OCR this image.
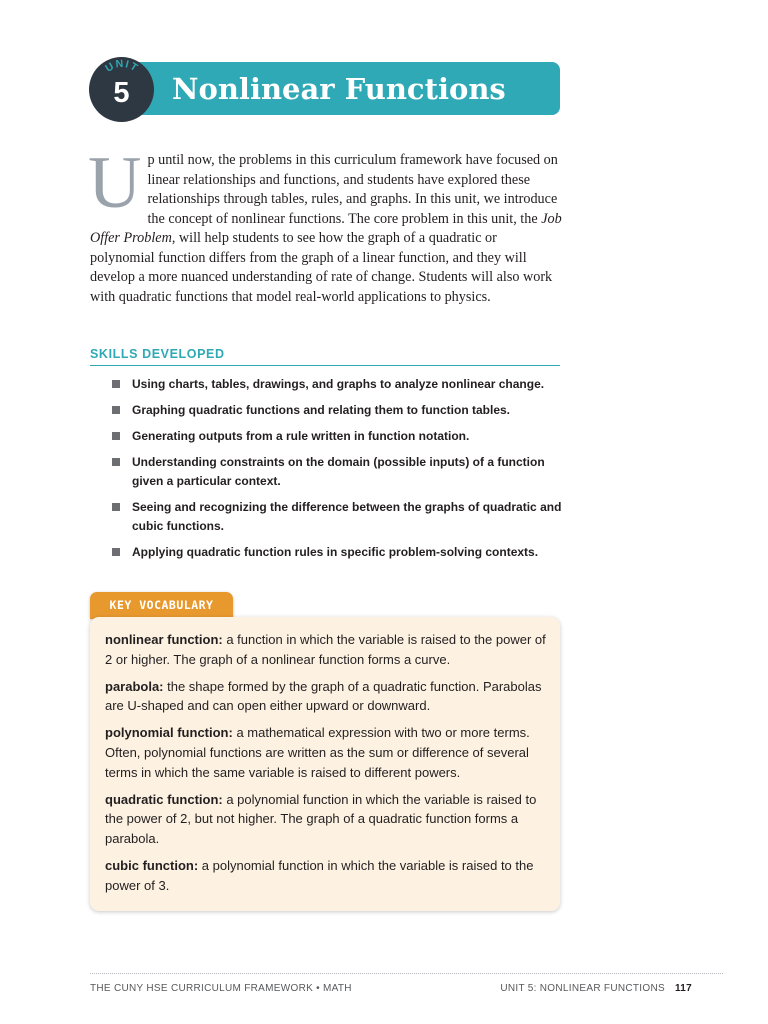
Nonlinear Functions
UNIT
5
Up until now, the problems in this curriculum framework have focused on linear relationships and functions, and students have explored these relationships through tables, rules, and graphs. In this unit, we introduce the concept of nonlinear functions. The core problem in this unit, the Job Offer Problem, will help students to see how the graph of a quadratic or polynomial function differs from the graph of a linear function, and they will develop a more nuanced understanding of rate of change. Students will also work with quadratic functions that model real-world applications to physics.
SKILLS DEVELOPED
Using charts, tables, drawings, and graphs to analyze nonlinear change.
Graphing quadratic functions and relating them to function tables.
Generating outputs from a rule written in function notation.
Understanding constraints on the domain (possible inputs) of a function given a particular context.
Seeing and recognizing the difference between the graphs of quadratic and cubic functions.
Applying quadratic function rules in specific problem-solving contexts.
KEY VOCABULARY

nonlinear function: a function in which the variable is raised to the power of 2 or higher. The graph of a nonlinear function forms a curve.

parabola: the shape formed by the graph of a quadratic function. Parabolas are U-shaped and can open either upward or downward.

polynomial function: a mathematical expression with two or more terms. Often, polynomial functions are written as the sum or difference of several terms in which the same variable is raised to different powers.

quadratic function: a polynomial function in which the variable is raised to the power of 2, but not higher. The graph of a quadratic function forms a parabola.

cubic function: a polynomial function in which the variable is raised to the power of 3.

THE CUNY HSE CURRICULUM FRAMEWORK • MATH	UNIT 5: NONLINEAR FUNCTIONS 117
